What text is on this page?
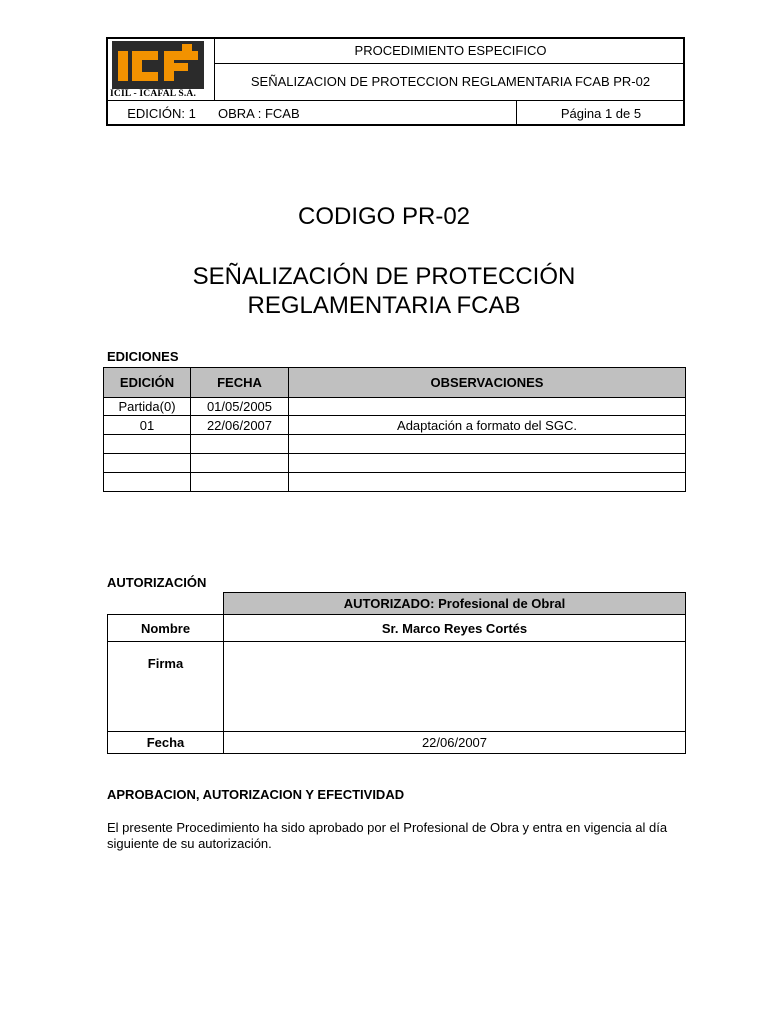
ICIL - ICAFAL S.A.
PROCEDIMIENTO ESPECIFICO
SEÑALIZACION DE PROTECCION REGLAMENTARIA FCAB PR-02
EDICIÓN: 1	OBRA : FCAB	Página 1 de 5
CODIGO PR-02
SEÑALIZACIÓN DE PROTECCIÓN
REGLAMENTARIA FCAB
EDICIONES
EDICIÓN	FECHA	OBSERVACIONES
Partida(0)	01/05/2005	
01	22/06/2007	Adaptación a formato del SGC.

AUTORIZACIÓN
	AUTORIZADO: Profesional de Obral
Nombre	Sr. Marco Reyes Cortés
Firma	
Fecha	22/06/2007
APROBACION, AUTORIZACION Y EFECTIVIDAD
El presente Procedimiento ha sido aprobado por el Profesional de Obra y entra en vigencia al día siguiente de su autorización.
